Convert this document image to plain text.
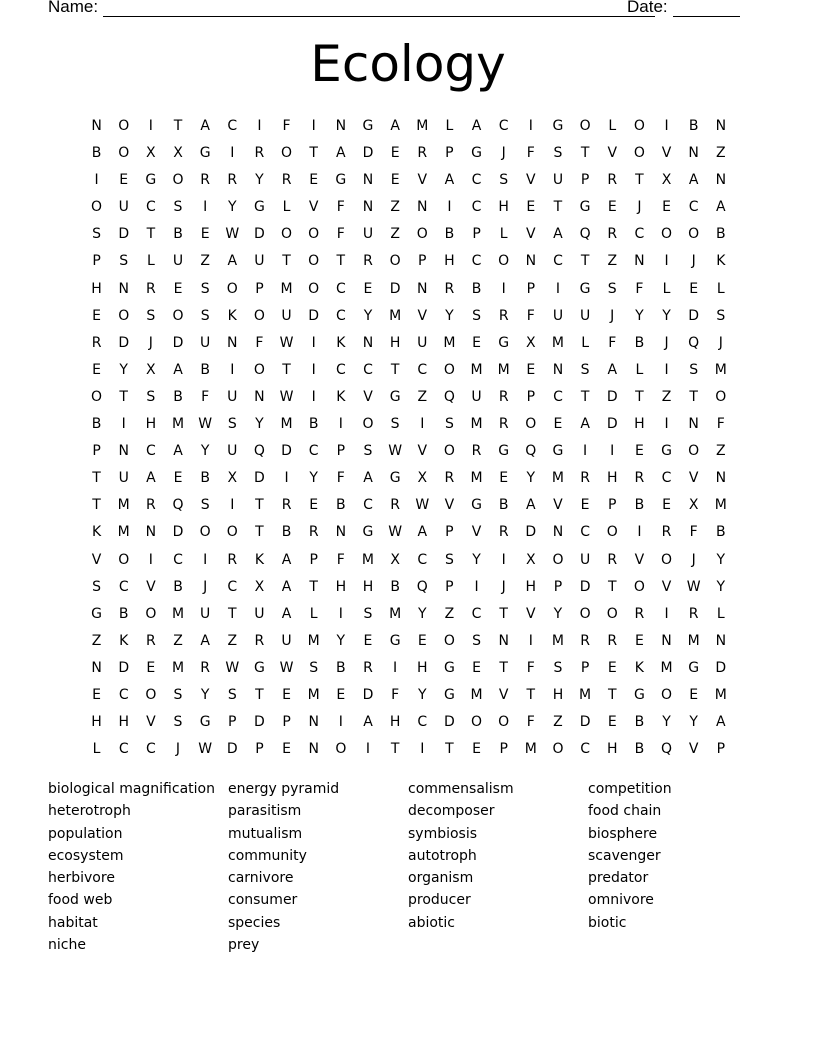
Name:	Date:
Ecology
N	O	I	T	A	C	I	F	I	N	G	A	M	L	A	C	I	G	O	L	O	I	B	N
B	O	X	X	G	I	R	O	T	A	D	E	R	P	G	J	F	S	T	V	O	V	N	Z
I	E	G	O	R	R	Y	R	E	G	N	E	V	A	C	S	V	U	P	R	T	X	A	N
O	U	C	S	I	Y	G	L	V	F	N	Z	N	I	C	H	E	T	G	E	J	E	C	A
S	D	T	B	E	W	D	O	O	F	U	Z	O	B	P	L	V	A	Q	R	C	O	O	B
P	S	L	U	Z	A	U	T	O	T	R	O	P	H	C	O	N	C	T	Z	N	I	J	K
H	N	R	E	S	O	P	M	O	C	E	D	N	R	B	I	P	I	G	S	F	L	E	L
E	O	S	O	S	K	O	U	D	C	Y	M	V	Y	S	R	F	U	U	J	Y	Y	D	S
R	D	J	D	U	N	F	W	I	K	N	H	U	M	E	G	X	M	L	F	B	J	Q	J
E	Y	X	A	B	I	O	T	I	C	C	T	C	O	M	M	E	N	S	A	L	I	S	M
O	T	S	B	F	U	N	W	I	K	V	G	Z	Q	U	R	P	C	T	D	T	Z	T	O
B	I	H	M	W	S	Y	M	B	I	O	S	I	S	M	R	O	E	A	D	H	I	N	F
P	N	C	A	Y	U	Q	D	C	P	S	W	V	O	R	G	Q	G	I	I	E	G	O	Z
T	U	A	E	B	X	D	I	Y	F	A	G	X	R	M	E	Y	M	R	H	R	C	V	N
T	M	R	Q	S	I	T	R	E	B	C	R	W	V	G	B	A	V	E	P	B	E	X	M
K	M	N	D	O	O	T	B	R	N	G	W	A	P	V	R	D	N	C	O	I	R	F	B
V	O	I	C	I	R	K	A	P	F	M	X	C	S	Y	I	X	O	U	R	V	O	J	Y
S	C	V	B	J	C	X	A	T	H	H	B	Q	P	I	J	H	P	D	T	O	V	W	Y
G	B	O	M	U	T	U	A	L	I	S	M	Y	Z	C	T	V	Y	O	O	R	I	R	L
Z	K	R	Z	A	Z	R	U	M	Y	E	G	E	O	S	N	I	M	R	R	E	N	M	N
N	D	E	M	R	W	G	W	S	B	R	I	H	G	E	T	F	S	P	E	K	M	G	D
E	C	O	S	Y	S	T	E	M	E	D	F	Y	G	M	V	T	H	M	T	G	O	E	M
H	H	V	S	G	P	D	P	N	I	A	H	C	D	O	O	F	Z	D	E	B	Y	Y	A
L	C	C	J	W	D	P	E	N	O	I	T	I	T	E	P	M	O	C	H	B	Q	V	P
biological magnification
heterotroph
population
ecosystem
herbivore
food web
habitat
niche
energy pyramid
parasitism
mutualism
community
carnivore
consumer
species
prey
commensalism
decomposer
symbiosis
autotroph
organism
producer
abiotic
competition
food chain
biosphere
scavenger
predator
omnivore
biotic
